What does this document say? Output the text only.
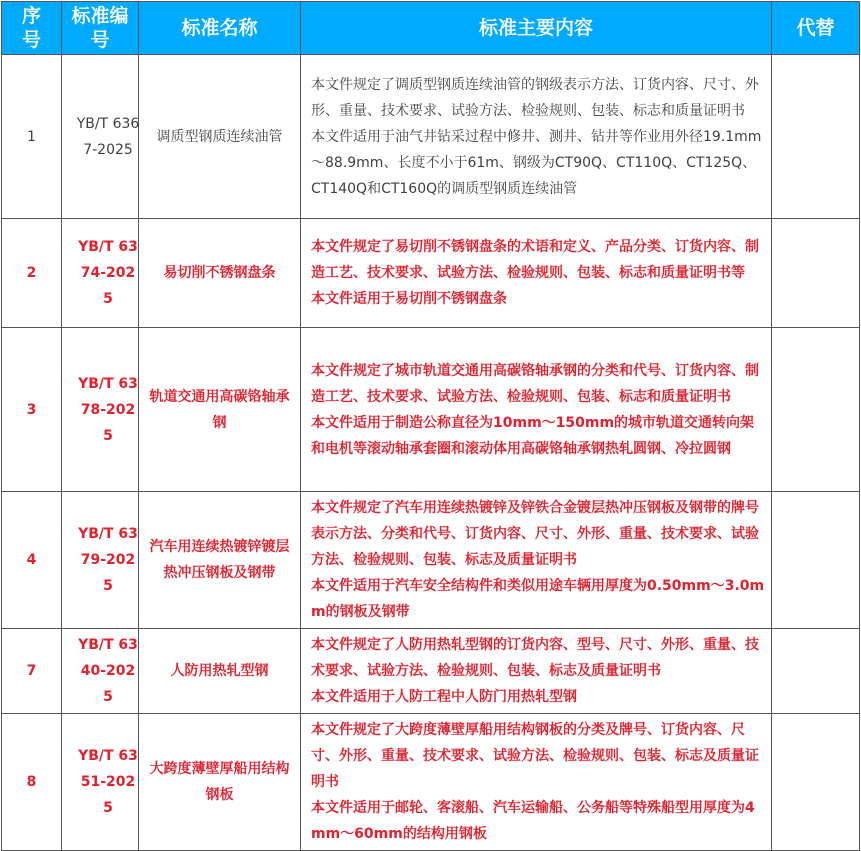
序号	标准编号	标准名称	标准主要内容	代替
1	YB/T 6367-2025	调质型钢质连续油管	本文件规定了调质型钢质连续油管的钢级表示方法、订货内容、尺寸、外形、重量、技术要求、试验方法、检验规则、包装、标志和质量证明书
本文件适用于油气井钻采过程中修井、测井、钻井等作业用外径19.1mm～88.9mm、长度不小于61m、钢级为CT90Q、CT110Q、CT125Q、CT140Q和CT160Q的调质型钢质连续油管	

2	YB/T 6374-2025	易切削不锈钢盘条	本文件规定了易切削不锈钢盘条的术语和定义、产品分类、订货内容、制造工艺、技术要求、试验方法、检验规则、包装、标志和质量证明书等
本文件适用于易切削不锈钢盘条	

3	YB/T 6378-2025	轨道交通用高碳铬轴承钢	本文件规定了城市轨道交通用高碳铬轴承钢的分类和代号、订货内容、制造工艺、技术要求、试验方法、检验规则、包装、标志和质量证明书
本文件适用于制造公称直径为10mm～150mm的城市轨道交通转向架和电机等滚动轴承套圈和滚动体用高碳铬轴承钢热轧圆钢、冷拉圆钢	

4	YB/T 6379-2025	汽车用连续热镀锌镀层热冲压钢板及钢带	本文件规定了汽车用连续热镀锌及锌铁合金镀层热冲压钢板及钢带的牌号表示方法、分类和代号、订货内容、尺寸、外形、重量、技术要求、试验方法、检验规则、包装、标志及质量证明书
本文件适用于汽车安全结构件和类似用途车辆用厚度为0.50mm～3.0mm的钢板及钢带	

7	YB/T 6340-2025	人防用热轧型钢	本文件规定了人防用热轧型钢的订货内容、型号、尺寸、外形、重量、技术要求、试验方法、检验规则、包装、标志及质量证明书
本文件适用于人防工程中人防门用热轧型钢	

8	YB/T 6351-2025	大跨度薄壁厚船用结构钢板	本文件规定了大跨度薄壁厚船用结构钢板的分类及牌号、订货内容、尺寸、外形、重量、技术要求、试验方法、检验规则、包装、标志及质量证明书
本文件适用于邮轮、客滚船、汽车运输船、公务船等特殊船型用厚度为4mm～60mm的结构用钢板	
